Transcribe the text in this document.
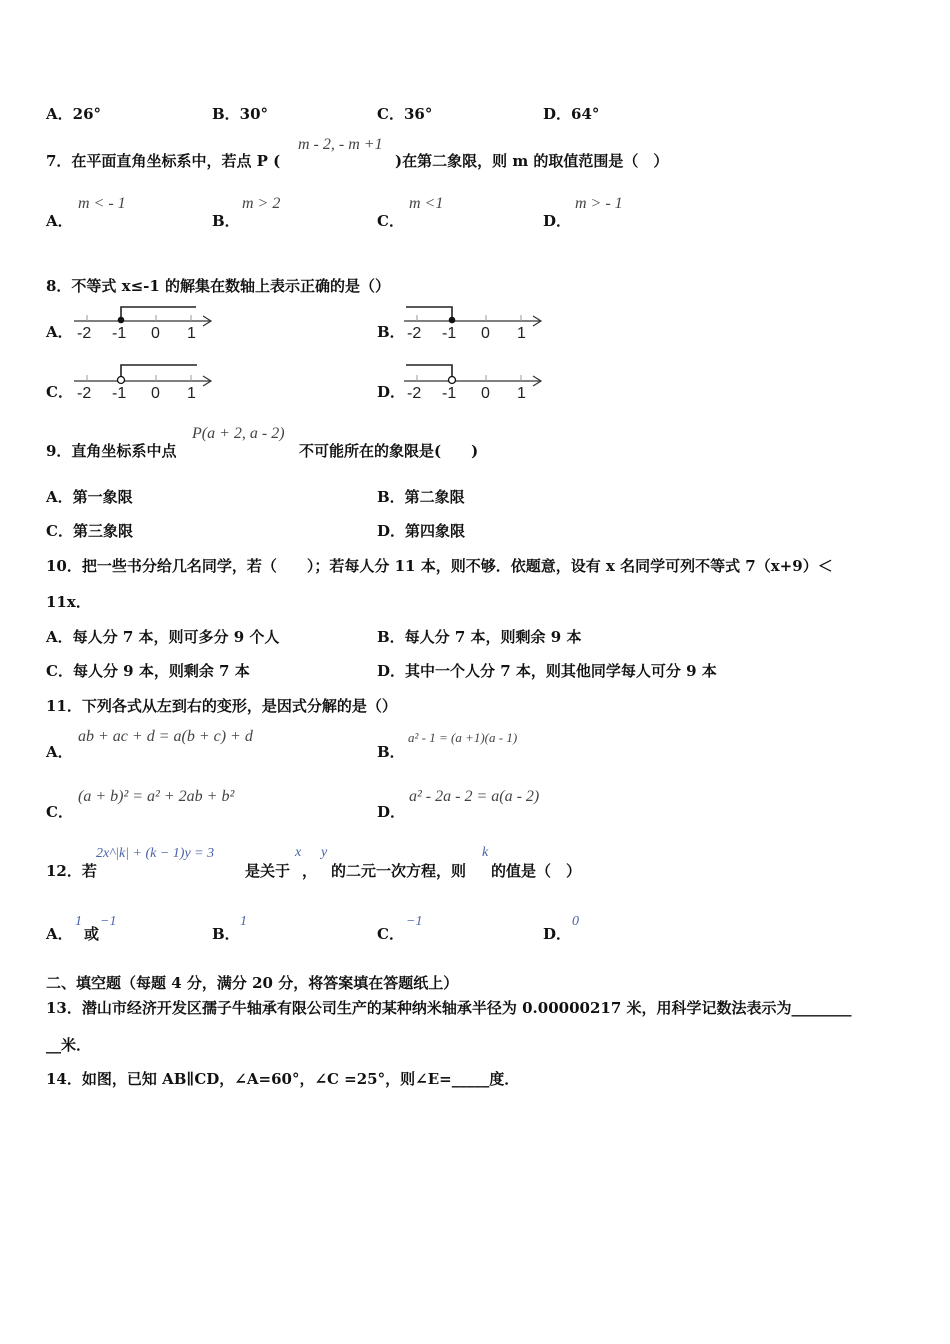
A．26°	B．30°	C．36°	D．64°
7．在平面直角坐标系中，若点 P (
m - 2, - m +1
)在第二象限，则 m 的取值范围是（　）
A．
m < - 1
B．
m > 2
C．
m <1
D．
m > - 1
8．不等式 x≤-1 的解集在数轴上表示正确的是（）
A． -2 -1 0 1	B． -2 -1 0 1
C． -2 -1 0 1	D． -2 -1 0 1
9．直角坐标系中点
P(a + 2, a - 2)
不可能所在的象限是(　　)
A．第一象限	B．第二象限
C．第三象限	D．第四象限
10．把一些书分给几名同学，若（　　）；若每人分 11 本，则不够．依题意，设有 x 名同学可列不等式 7（x+9）＜
11x．
A．每人分 7 本，则可多分 9 个人	B．每人分 7 本，则剩余 9 本
C．每人分 9 本，则剩余 7 本	D．其中一个人分 7 本，则其他同学每人可分 9 本
11．下列各式从左到右的变形，是因式分解的是（）
A．
ab + ac + d = a(b + c) + d
B．
a² - 1 = (a +1)(a - 1)
C．
(a + b)² = a² + 2ab + b²
D．
a² - 2a - 2 = a(a - 2)
12．若
2x^|k| + (k − 1)y = 3
是关于
x
，
y
的二元一次方程，则
k
的值是（　）
A．
1
或
−1
B．
1
C．
−1
D．
0
二、填空题（每题 4 分，满分 20 分，将答案填在答题纸上）
13．潜山市经济开发区孺子牛轴承有限公司生产的某种纳米轴承半径为 0.00000217 米，用科学记数法表示为________
__米．
14．如图，已知 AB∥CD，∠A=60°，∠C =25°，则∠E=_____度．
